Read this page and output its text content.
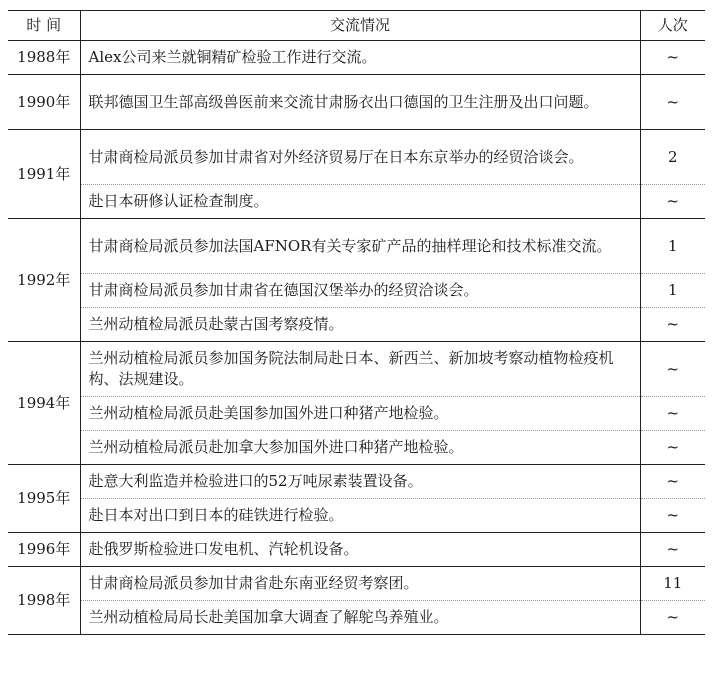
时 间	交流情况	人次
1988年	Alex公司来兰就铜精矿检验工作进行交流。	~
1990年	联邦德国卫生部高级兽医前来交流甘肃肠衣出口德国的卫生注册及出口问题。	~
1991年	甘肃商检局派员参加甘肃省对外经济贸易厅在日本东京举办的经贸洽谈会。	2
	赴日本研修认证检查制度。	~
1992年	甘肃商检局派员参加法国AFNOR有关专家矿产品的抽样理论和技术标准交流。	1
	甘肃商检局派员参加甘肃省在德国汉堡举办的经贸洽谈会。	1
	兰州动植检局派员赴蒙古国考察疫情。	~
1994年	兰州动植检局派员参加国务院法制局赴日本、新西兰、新加坡考察动植物检疫机构、法规建设。	~
	兰州动植检局派员赴美国参加国外进口种猪产地检验。	~
	兰州动植检局派员赴加拿大参加国外进口种猪产地检验。	~
1995年	赴意大利监造并检验进口的52万吨尿素装置设备。	~
	赴日本对出口到日本的硅铁进行检验。	~
1996年	赴俄罗斯检验进口发电机、汽轮机设备。	~
1998年	甘肃商检局派员参加甘肃省赴东南亚经贸考察团。	11
	兰州动植检局局长赴美国加拿大调查了解鸵鸟养殖业。	~
